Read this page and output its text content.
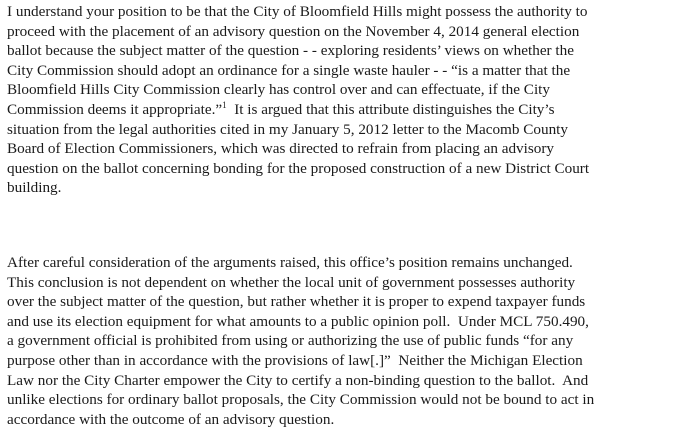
I understand your position to be that the City of Bloomfield Hills might possess the authority to
proceed with the placement of an advisory question on the November 4, 2014 general election
ballot because the subject matter of the question - - exploring residents’ views on whether the
City Commission should adopt an ordinance for a single waste hauler - - “is a matter that the
Bloomfield Hills City Commission clearly has control over and can effectuate, if the City
Commission deems it appropriate.”$^1$  It is argued that this attribute distinguishes the City’s
situation from the legal authorities cited in my January 5, 2012 letter to the Macomb County
Board of Election Commissioners, which was directed to refrain from placing an advisory
question on the ballot concerning bonding for the proposed construction of a new District Court
building.

After careful consideration of the arguments raised, this office’s position remains unchanged.
This conclusion is not dependent on whether the local unit of government possesses authority
over the subject matter of the question, but rather whether it is proper to expend taxpayer funds
and use its election equipment for what amounts to a public opinion poll.  Under MCL 750.490,
a government official is prohibited from using or authorizing the use of public funds “for any
purpose other than in accordance with the provisions of law[.]”  Neither the Michigan Election
Law nor the City Charter empower the City to certify a non-binding question to the ballot.  And
unlike elections for ordinary ballot proposals, the City Commission would not be bound to act in
accordance with the outcome of an advisory question.
